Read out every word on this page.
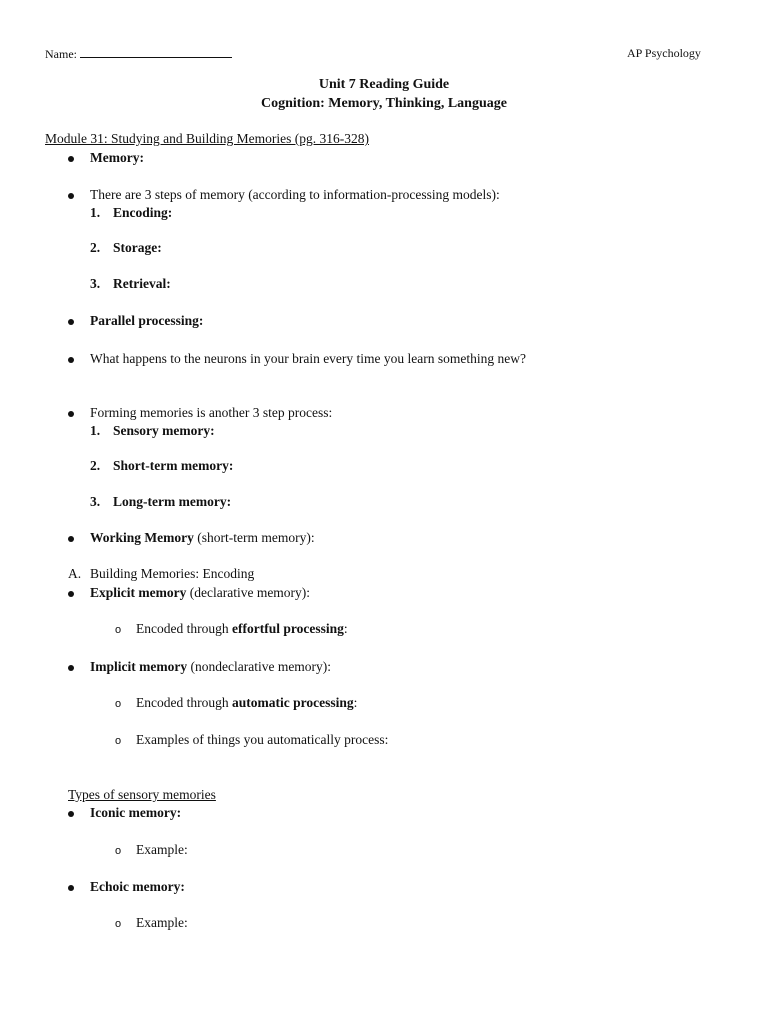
Name:	AP Psychology
Unit 7 Reading Guide
Cognition: Memory, Thinking, Language
Module 31: Studying and Building Memories (pg. 316-328)
Memory:
There are 3 steps of memory (according to information-processing models):
1. Encoding:
2. Storage:
3. Retrieval:
Parallel processing:
What happens to the neurons in your brain every time you learn something new?
Forming memories is another 3 step process:
1. Sensory memory:
2. Short-term memory:
3. Long-term memory:
Working Memory (short-term memory):
A. Building Memories: Encoding
Explicit memory (declarative memory):
o Encoded through effortful processing:
Implicit memory (nondeclarative memory):
o Encoded through automatic processing:
o Examples of things you automatically process:
Types of sensory memories
Iconic memory:
o Example:
Echoic memory:
o Example:
